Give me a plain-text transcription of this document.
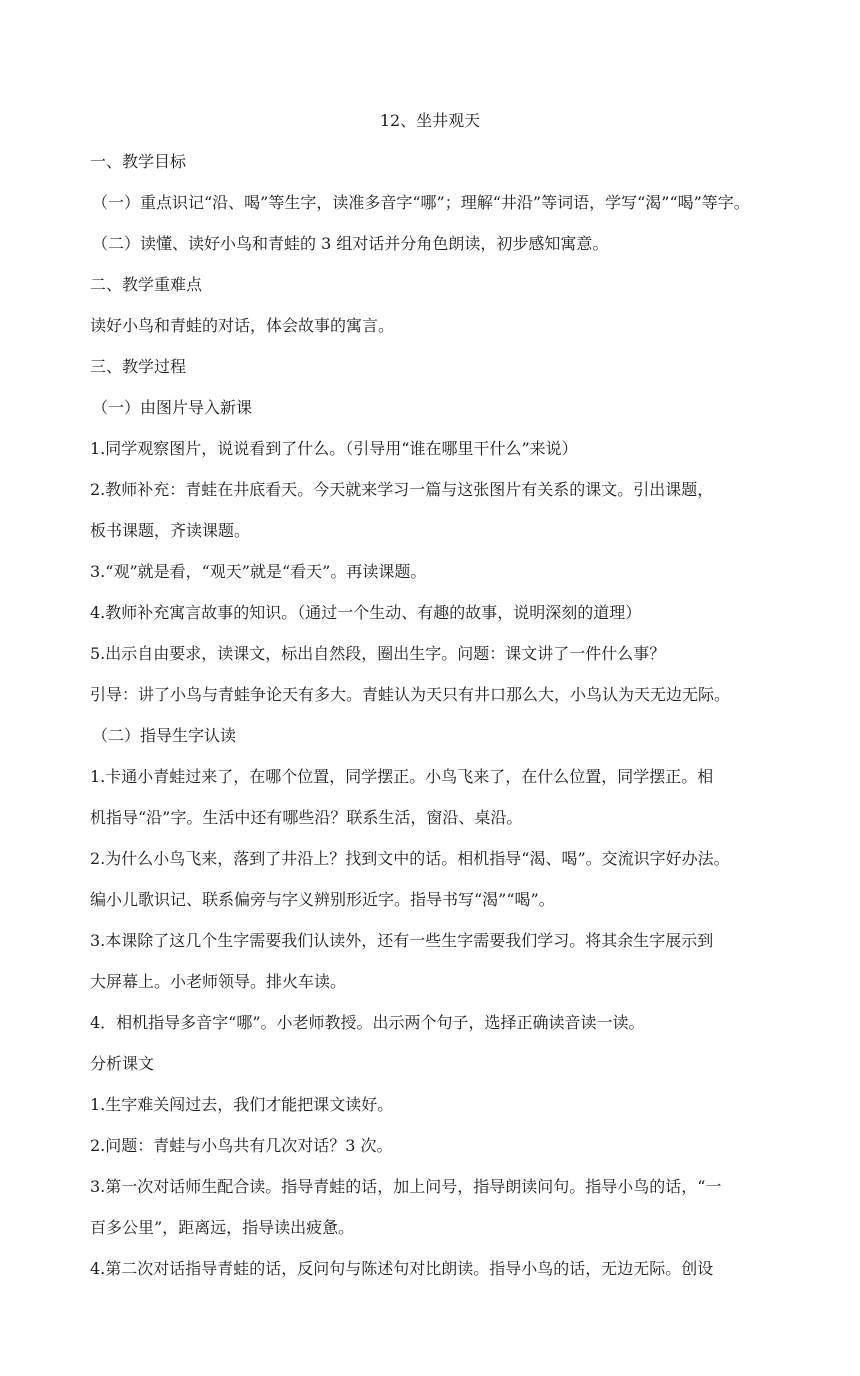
12、坐井观天
一、教学目标
（一）重点识记“沿、喝”等生字，读准多音字“哪”；理解“井沿”等词语，学写“渴”“喝”等字。
（二）读懂、读好小鸟和青蛙的 3 组对话并分角色朗读，初步感知寓意。
二、教学重难点
读好小鸟和青蛙的对话，体会故事的寓言。
三、教学过程
（一）由图片导入新课
1.同学观察图片，说说看到了什么。（引导用“谁在哪里干什么”来说）
2.教师补充：青蛙在井底看天。今天就来学习一篇与这张图片有关系的课文。引出课题，
板书课题，齐读课题。
3.“观”就是看，“观天”就是“看天”。再读课题。
4.教师补充寓言故事的知识。（通过一个生动、有趣的故事，说明深刻的道理）
5.出示自由要求，读课文，标出自然段，圈出生字。问题：课文讲了一件什么事？
引导：讲了小鸟与青蛙争论天有多大。青蛙认为天只有井口那么大，小鸟认为天无边无际。
（二）指导生字认读
1.卡通小青蛙过来了，在哪个位置，同学摆正。小鸟飞来了，在什么位置，同学摆正。相
机指导“沿”字。生活中还有哪些沿？联系生活，窗沿、桌沿。
2.为什么小鸟飞来，落到了井沿上？找到文中的话。相机指导“渴、喝”。交流识字好办法。
编小儿歌识记、联系偏旁与字义辨别形近字。指导书写“渴”“喝”。
3.本课除了这几个生字需要我们认读外，还有一些生字需要我们学习。将其余生字展示到
大屏幕上。小老师领导。排火车读。
4．相机指导多音字“哪”。小老师教授。出示两个句子，选择正确读音读一读。
分析课文
1.生字难关闯过去，我们才能把课文读好。
2.问题：青蛙与小鸟共有几次对话？3 次。
3.第一次对话师生配合读。指导青蛙的话，加上问号，指导朗读问句。指导小鸟的话，“一
百多公里”，距离远，指导读出疲惫。
4.第二次对话指导青蛙的话，反问句与陈述句对比朗读。指导小鸟的话，无边无际。创设
